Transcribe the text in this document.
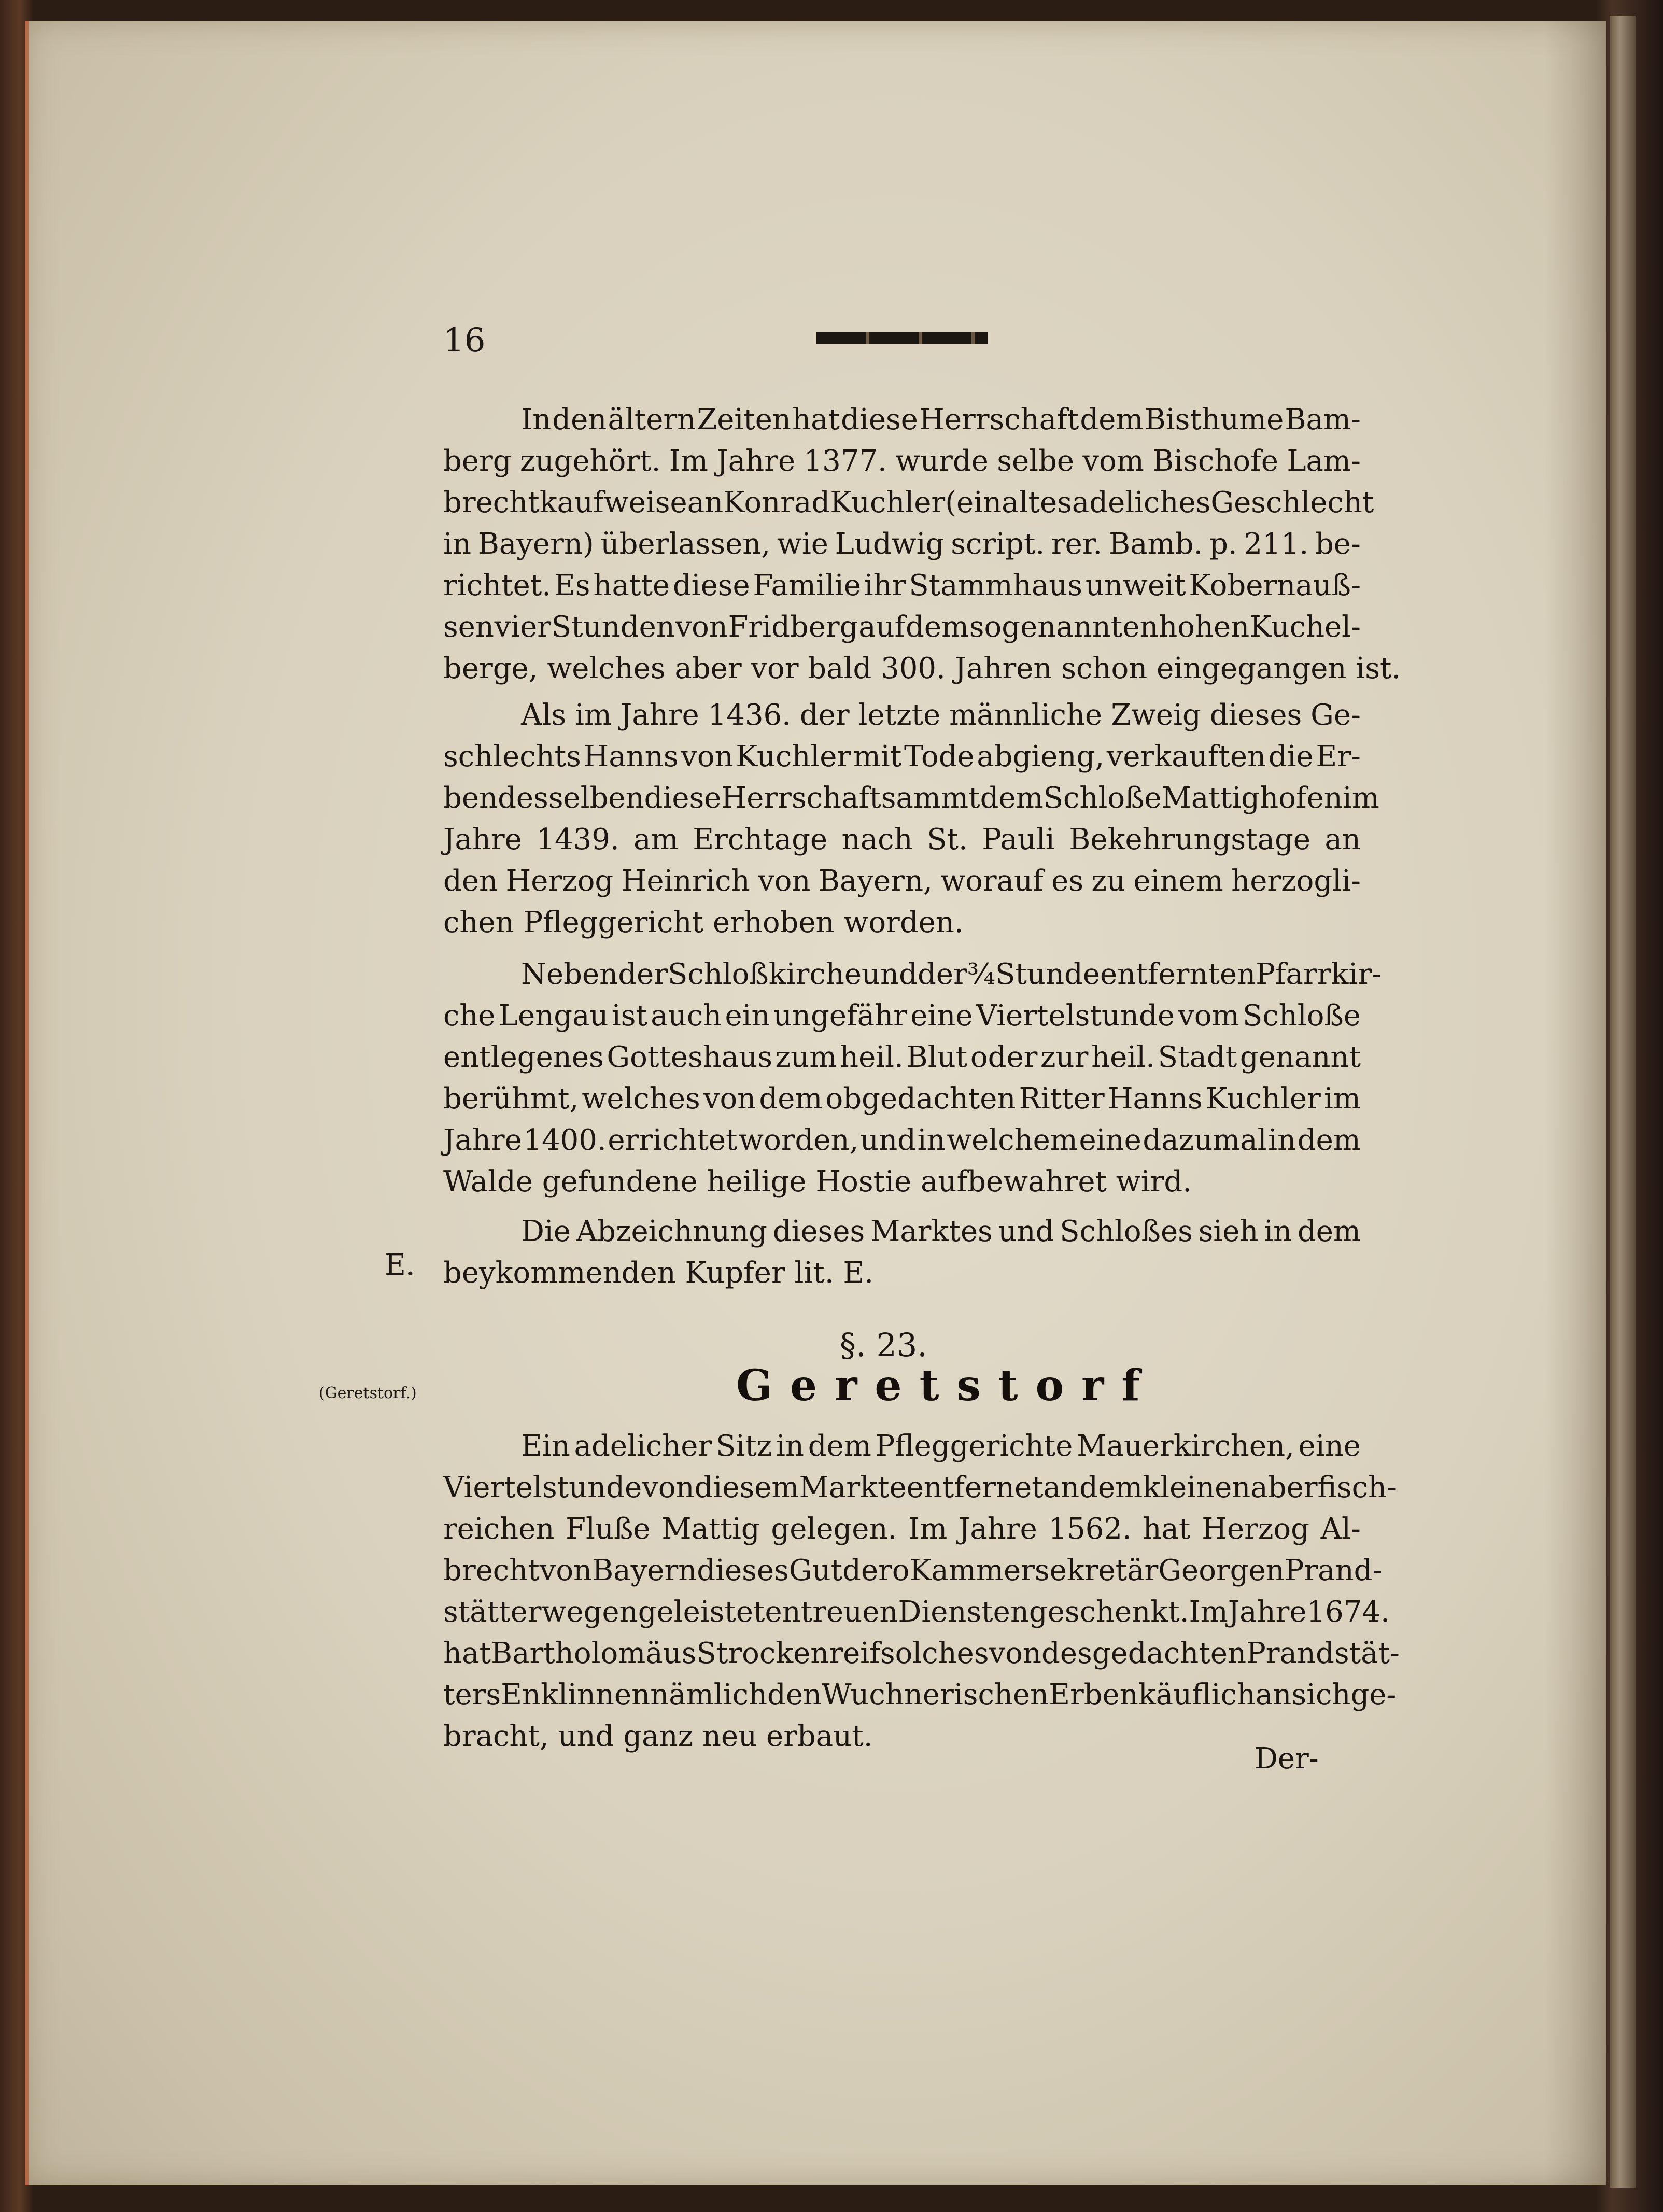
16
In den ältern Zeiten hat diese Herrschaft dem Bisthume Bam-
berg zugehört. Im Jahre 1377. wurde selbe vom Bischofe Lam-
brecht kaufweise an Konrad Kuchler (ein altes adeliches Geschlecht
in Bayern) überlassen, wie Ludwig script. rer. Bamb. p. 211. be-
richtet. Es hatte diese Familie ihr Stammhaus unweit Kobernauß-
sen vier Stunden von Fridberg auf dem sogenannten hohen Kuchel-
berge, welches aber vor bald 300. Jahren schon eingegangen ist.
Als im Jahre 1436. der letzte männliche Zweig dieses Ge-
schlechts Hanns von Kuchler mit Tode abgieng, verkauften die Er-
ben desselben diese Herrschaft sammt dem Schloße Mattighofen im
Jahre 1439. am Erchtage nach St. Pauli Bekehrungstage an
den Herzog Heinrich von Bayern, worauf es zu einem herzogli-
chen Pfleggericht erhoben worden.
Neben der Schloßkirche und der ¾ Stunde entfernten Pfarrkir-
che Lengau ist auch ein ungefähr eine Viertelstunde vom Schloße
entlegenes Gotteshaus zum heil. Blut oder zur heil. Stadt genannt
berühmt, welches von dem obgedachten Ritter Hanns Kuchler im
Jahre 1400. errichtet worden, und in welchem eine dazumal in dem
Walde gefundene heilige Hostie aufbewahret wird.
Die Abzeichnung dieses Marktes und Schloßes sieh in dem
beykommenden Kupfer lit. E.
E.
§. 23.
(Geretstorf.)	Geretstorf
Ein adelicher Sitz in dem Pfleggerichte Mauerkirchen, eine
Viertelstunde von diesem Markte entfernet an dem kleinen aber fisch-
reichen Fluße Mattig gelegen. Im Jahre 1562. hat Herzog Al-
brecht von Bayern dieses Gut dero Kammersekretär Georgen Prand-
stätter wegen geleisteten treuen Diensten geschenkt. Im Jahre 1674.
hat Bartholomäus Strockenreif solches von des gedachten Prandstät-
ters Enklinnen nämlich den Wuchnerischen Erben käuflich an sich ge-
bracht, und ganz neu erbaut.
Der-
